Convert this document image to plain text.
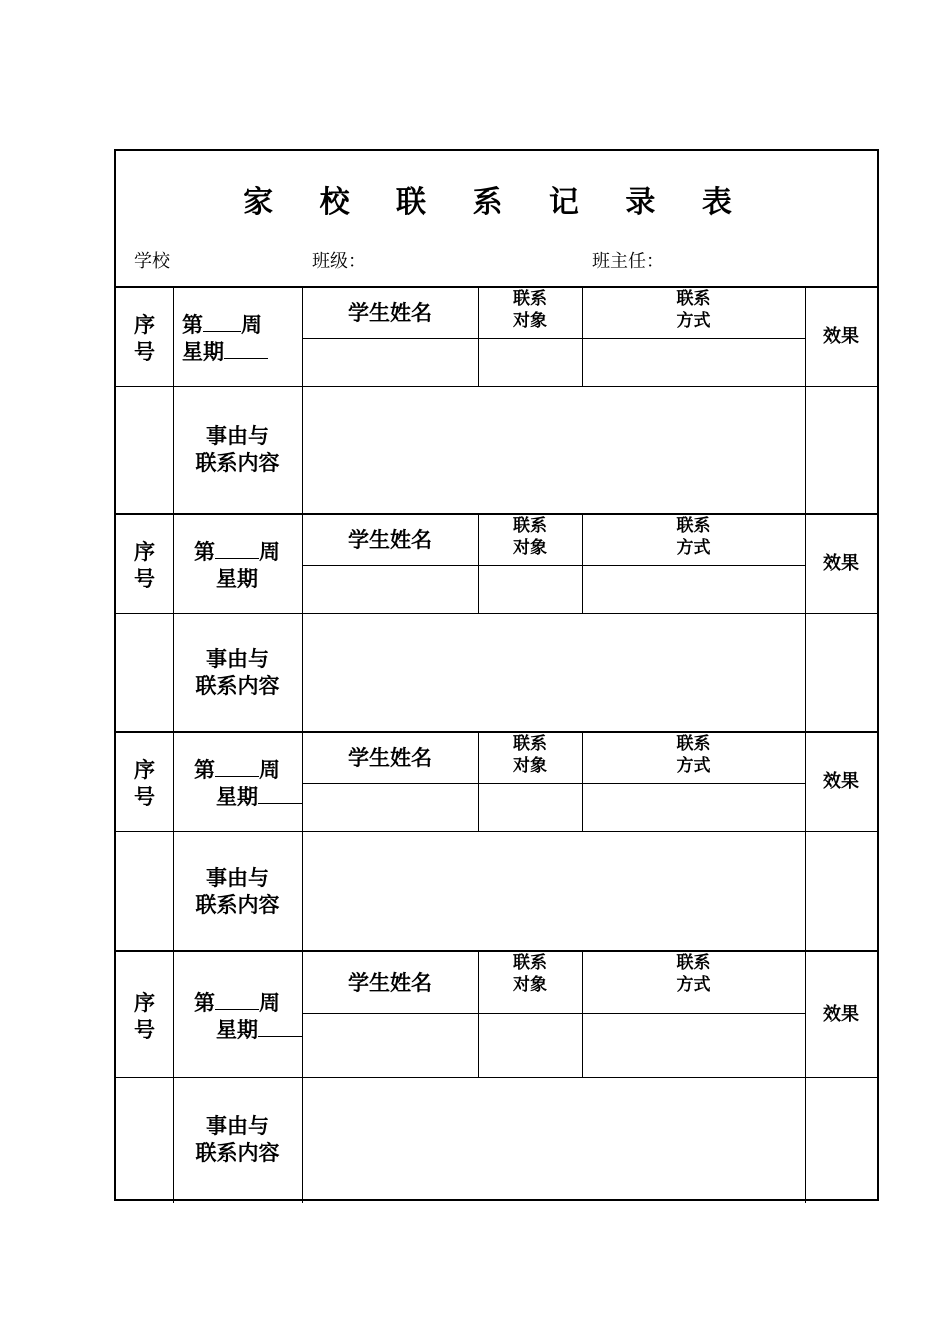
家 校 联 系 记 录 表
学校	班级：	班主任：
序
号
第 周
星期
学生姓名
联系
对象
联系
方式
效果
事由与
联系内容
序
号
第 周
星期
学生姓名
联系
对象
联系
方式
效果
事由与
联系内容
序
号
第 周
星期
学生姓名
联系
对象
联系
方式
效果
事由与
联系内容
序
号
第 周
星期
学生姓名
联系
对象
联系
方式
效果
事由与
联系内容
